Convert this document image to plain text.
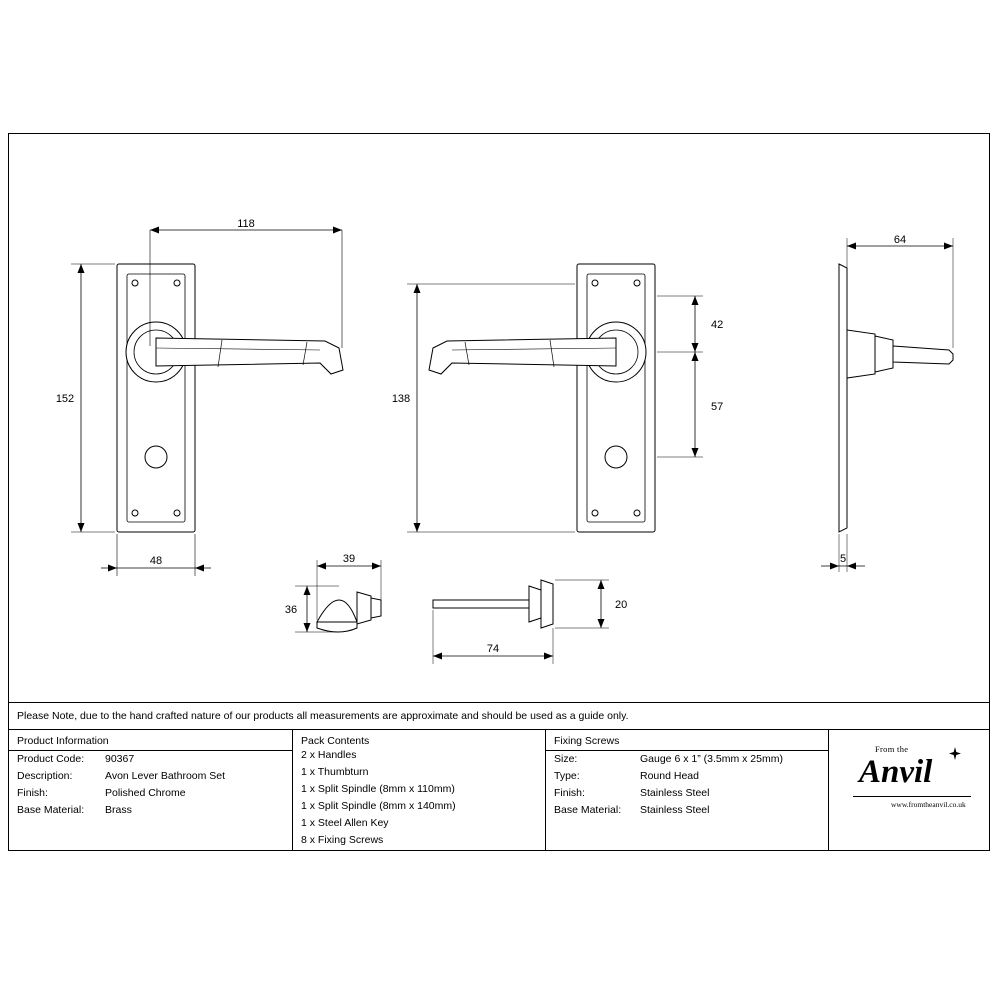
118
152
48
138
42
57
64
5
39
36
74
20
Please Note, due to the hand crafted nature of our products all measurements are approximate and should be used as a guide only.
Product Information
Product Code:	90367
Description:	Avon Lever Bathroom Set
Finish:	Polished Chrome
Base Material:	Brass
Pack Contents
2 x Handles
1 x Thumbturn
1 x Split Spindle (8mm x 110mm)
1 x Split Spindle (8mm x 140mm)
1 x Steel Allen Key
8 x Fixing Screws
Fixing Screws
Size:	Gauge 6 x 1” (3.5mm x 25mm)
Type:	Round Head
Finish:	Stainless Steel
Base Material:	Stainless Steel
From the
Anvil
www.fromtheanvil.co.uk
